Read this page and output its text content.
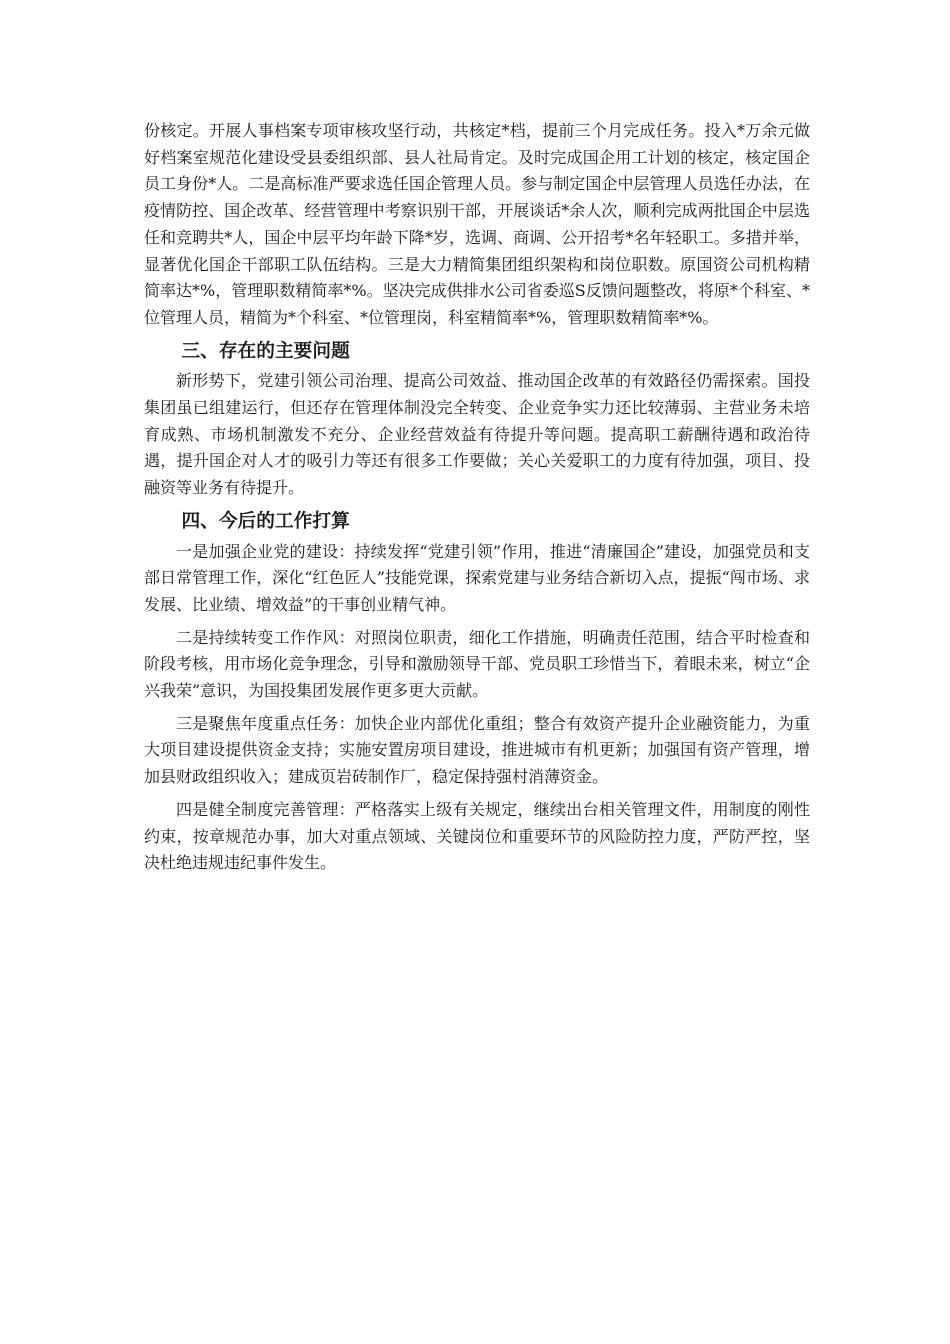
份核定。开展人事档案专项审核攻坚行动，共核定*档，提前三个月完成任务。投入*万余元做好档案室规范化建设受县委组织部、县人社局肯定。及时完成国企用工计划的核定，核定国企员工身份*人。二是高标准严要求选任国企管理人员。参与制定国企中层管理人员选任办法，在疫情防控、国企改革、经营管理中考察识别干部，开展谈话*余人次，顺利完成两批国企中层选任和竞聘共*人，国企中层平均年龄下降*岁，选调、商调、公开招考*名年轻职工。多措并举，显著优化国企干部职工队伍结构。三是大力精简集团组织架构和岗位职数。原国资公司机构精简率达*%，管理职数精简率*%。坚决完成供排水公司省委巡S反馈问题整改，将原*个科室、*位管理人员，精简为*个科室、*位管理岗，科室精简率*%，管理职数精简率*%。

三、存在的主要问题

新形势下，党建引领公司治理、提高公司效益、推动国企改革的有效路径仍需探索。国投集团虽已组建运行，但还存在管理体制没完全转变、企业竞争实力还比较薄弱、主营业务未培育成熟、市场机制激发不充分、企业经营效益有待提升等问题。提高职工薪酬待遇和政治待遇，提升国企对人才的吸引力等还有很多工作要做；关心关爱职工的力度有待加强，项目、投融资等业务有待提升。

四、今后的工作打算

一是加强企业党的建设：持续发挥“党建引领”作用，推进“清廉国企”建设，加强党员和支部日常管理工作，深化“红色匠人”技能党课，探索党建与业务结合新切入点，提振“闯市场、求发展、比业绩、增效益”的干事创业精气神。

二是持续转变工作作风：对照岗位职责，细化工作措施，明确责任范围，结合平时检查和阶段考核，用市场化竞争理念，引导和激励领导干部、党员职工珍惜当下，着眼未来，树立“企兴我荣”意识，为国投集团发展作更多更大贡献。

三是聚焦年度重点任务：加快企业内部优化重组；整合有效资产提升企业融资能力，为重大项目建设提供资金支持；实施安置房项目建设，推进城市有机更新；加强国有资产管理，增加县财政组织收入；建成页岩砖制作厂，稳定保持强村消薄资金。

四是健全制度完善管理：严格落实上级有关规定，继续出台相关管理文件，用制度的刚性约束，按章规范办事，加大对重点领域、关键岗位和重要环节的风险防控力度，严防严控，坚决杜绝违规违纪事件发生。
